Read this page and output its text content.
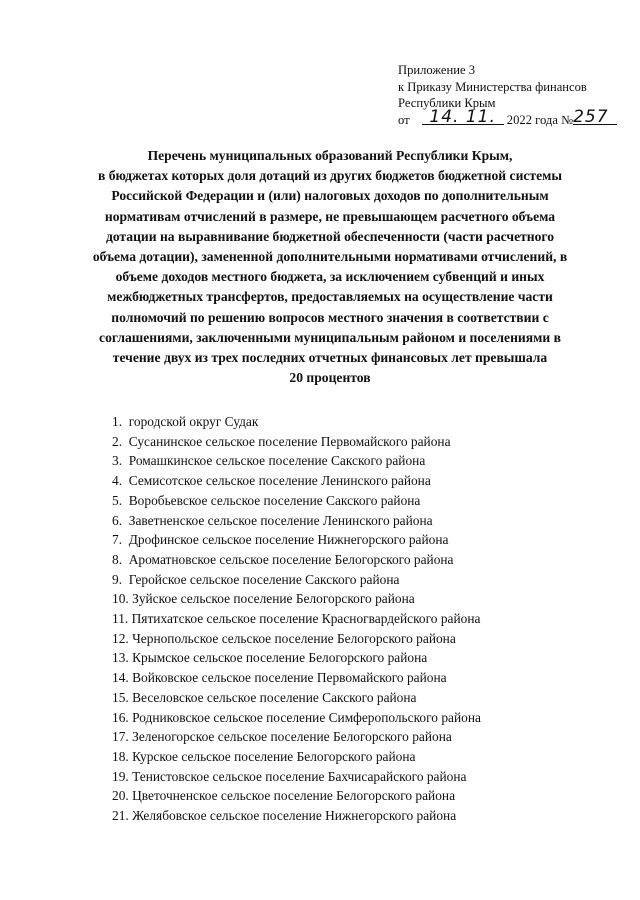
Приложение 3
к Приказу Министерства финансов
Республики Крым
от 14. 11. 2022 года №257
Перечень муниципальных образований Республики Крым,
в бюджетах которых доля дотаций из других бюджетов бюджетной системы
Российской Федерации и (или) налоговых доходов по дополнительным
нормативам отчислений в размере, не превышающем расчетного объема
дотации на выравнивание бюджетной обеспеченности (части расчетного
объема дотации), замененной дополнительными нормативами отчислений, в
объеме доходов местного бюджета, за исключением субвенций и иных
межбюджетных трансфертов, предоставляемых на осуществление части
полномочий по решению вопросов местного значения в соответствии с
соглашениями, заключенными муниципальным районом и поселениями в
течение двух из трех последних отчетных финансовых лет превышала
20 процентов
1. городской округ Судак
2. Сусанинское сельское поселение Первомайского района
3. Ромашкинское сельское поселение Сакского района
4. Семисотское сельское поселение Ленинского района
5. Воробьевское сельское поселение Сакского района
6. Заветненское сельское поселение Ленинского района
7. Дрофинское сельское поселение Нижнегорского района
8. Ароматновское сельское поселение Белогорского района
9. Геройское сельское поселение Сакского района
10. Зуйское сельское поселение Белогорского района
11. Пятихатское сельское поселение Красногвардейского района
12. Чернопольское сельское поселение Белогорского района
13. Крымское сельское поселение Белогорского района
14. Войковское сельское поселение Первомайского района
15. Веселовское сельское поселение Сакского района
16. Родниковское сельское поселение Симферопольского района
17. Зеленогорское сельское поселение Белогорского района
18. Курское сельское поселение Белогорского района
19. Тенистовское сельское поселение Бахчисарайского района
20. Цветочненское сельское поселение Белогорского района
21. Желябовское сельское поселение Нижнегорского района
